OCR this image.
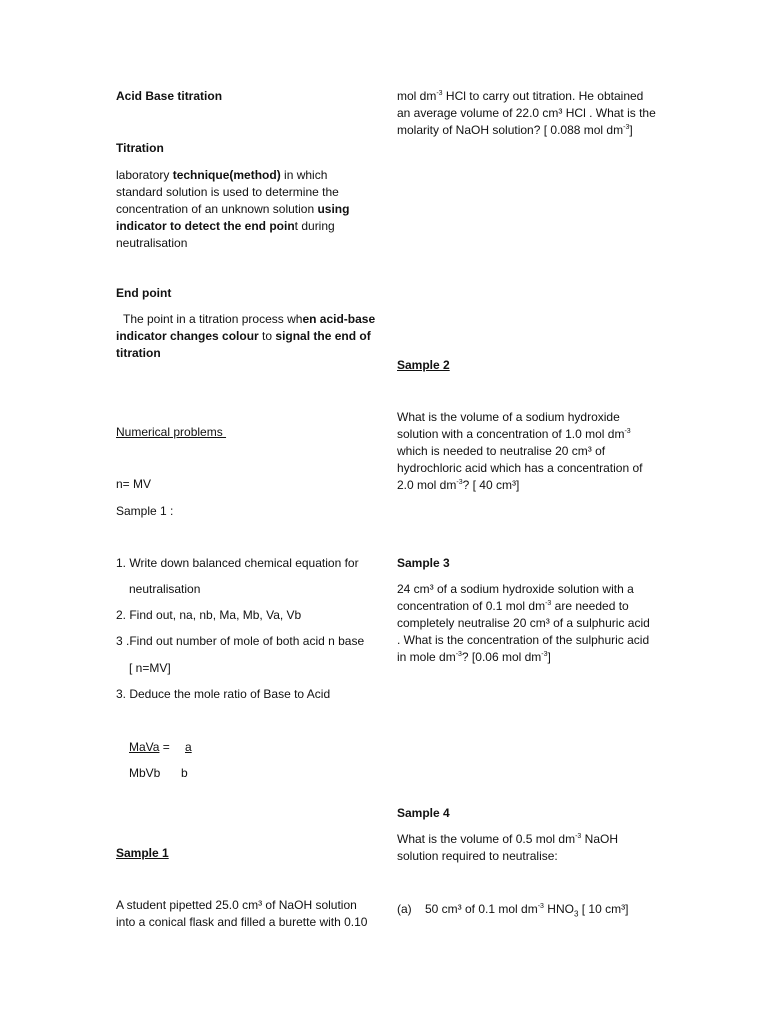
Acid Base titration

Titration

laboratory technique(method) in which standard solution is used to determine the concentration of an unknown solution using indicator to detect the end point during neutralisation

End point

The point in a titration process when acid-base indicator changes colour to signal the end of titration

Numerical problems

n= MV

Sample 1 :

1. Write down balanced chemical equation for

neutralisation

2. Find out, na, nb, Ma, Mb, Va, Vb

3 .Find out number of mole of both acid n base

[ n=MV]

3. Deduce the mole ratio of Base to Acid

MaVa = a

MbVb b

Sample 1

A student pipetted 25.0 cm³ of NaOH solution into a conical flask and filled a burette with 0.10

mol $dm^{-3}$ HCl to carry out titration. He obtained an average volume of 22.0 cm³ HCl . What is the molarity of NaOH solution? [ 0.088 mol $dm^{-3}$]

Sample 2

What is the volume of a sodium hydroxide solution with a concentration of 1.0 mol $dm^{-3}$ which is needed to neutralise 20 cm³ of hydrochloric acid which has a concentration of 2.0 mol $dm^{-3}$? [ 40 cm³]

Sample 3

24 cm³ of a sodium hydroxide solution with a concentration of 0.1 mol $dm^{-3}$ are needed to completely neutralise 20 cm³ of a sulphuric acid . What is the concentration of the sulphuric acid in mole $dm^{-3}$? [0.06 mol $dm^{-3}$]

Sample 4

What is the volume of 0.5 mol $dm^{-3}$ NaOH solution required to neutralise:

(a) 50 cm³ of 0.1 mol $dm^{-3}$ $HNO_3$ [ 10 cm³]
